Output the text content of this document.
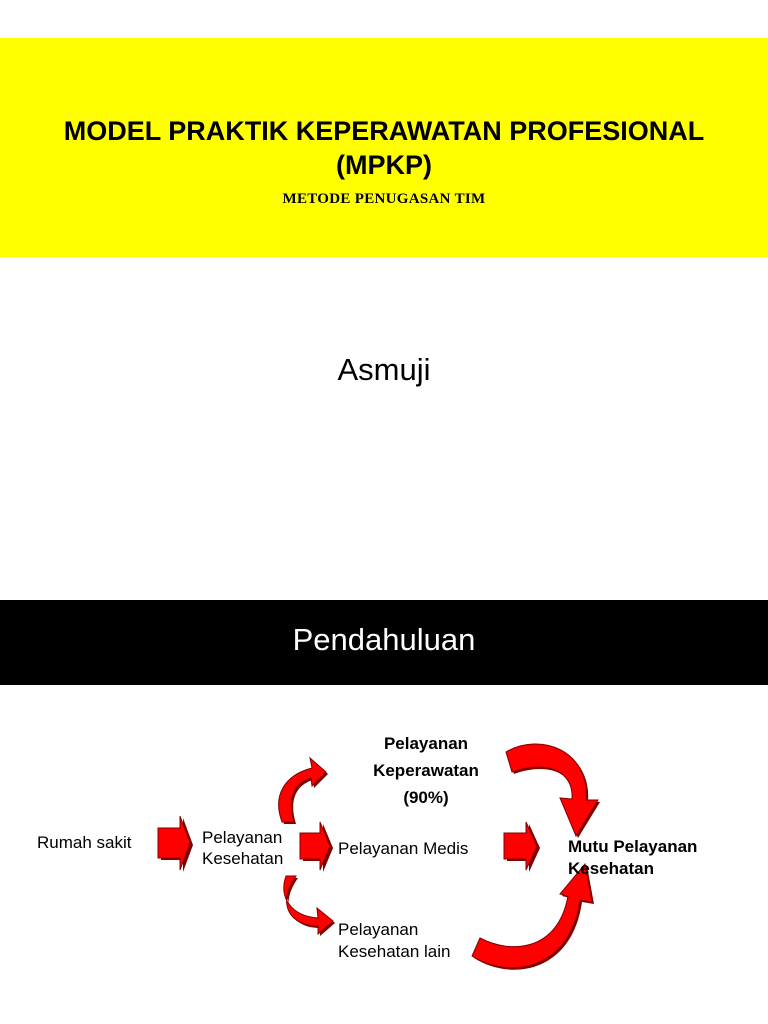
MODEL PRAKTIK KEPERAWATAN PROFESIONAL
(MPKP)
METODE PENUGASAN TIM
Asmuji
Pendahuluan
Rumah sakit	Pelayanan
Kesehatan
Pelayanan Medis
Pelayanan
Keperawatan
(90%)
Pelayanan
Kesehatan lain
Mutu Pelayanan
Kesehatan
